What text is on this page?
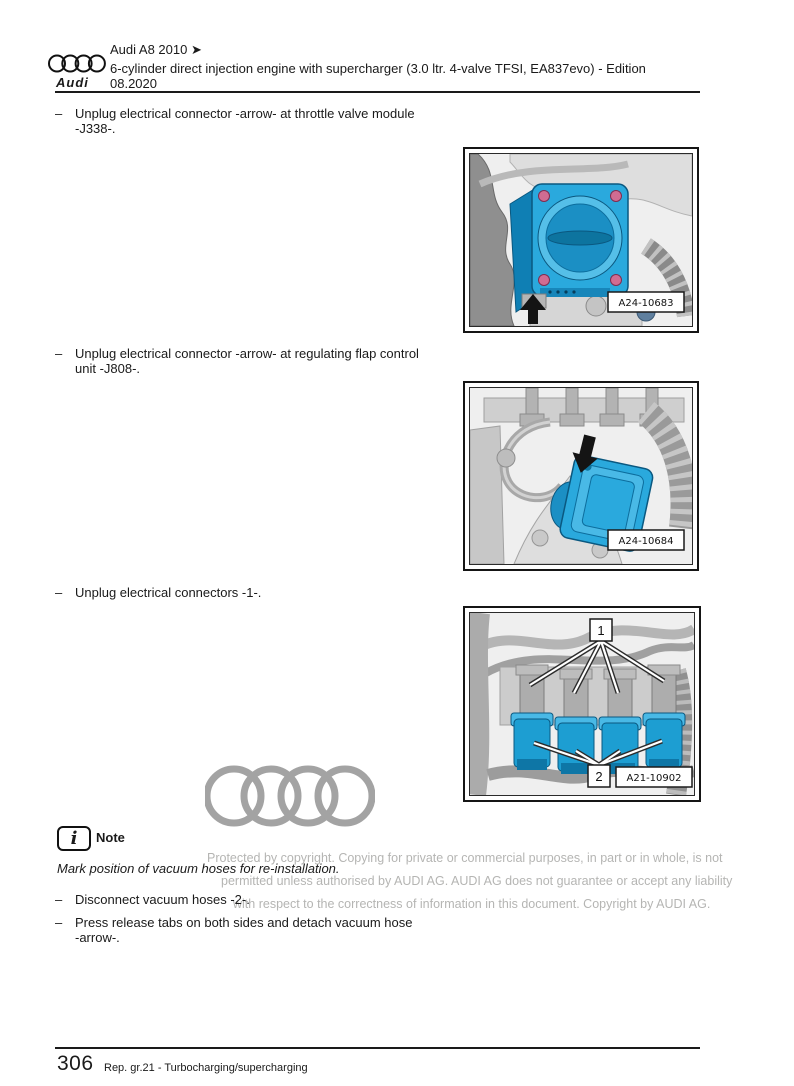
Protected by copyright. Copying for private or commercial purposes, in part or in whole, is not
permitted unless authorised by AUDI AG. AUDI AG does not guarantee or accept any liability
with respect to the correctness of information in this document. Copyright by AUDI AG.
Audi
Audi A8 2010 ➤
6-cylinder direct injection engine with supercharger (3.0 ltr. 4-valve TFSI, EA837evo) - Edition
08.2020
– Unplug electrical connector -arrow- at throttle valve module
-J338-.
A24-10683
– Unplug electrical connector -arrow- at regulating flap control
unit -J808-.
A24-10684
– Unplug electrical connectors -1-.
1
2 A21-10902
i Note
Mark position of vacuum hoses for re-installation.
– Disconnect vacuum hoses -2-.
– Press release tabs on both sides and detach vacuum hose
-arrow-.
306 Rep. gr.21 - Turbocharging/supercharging
